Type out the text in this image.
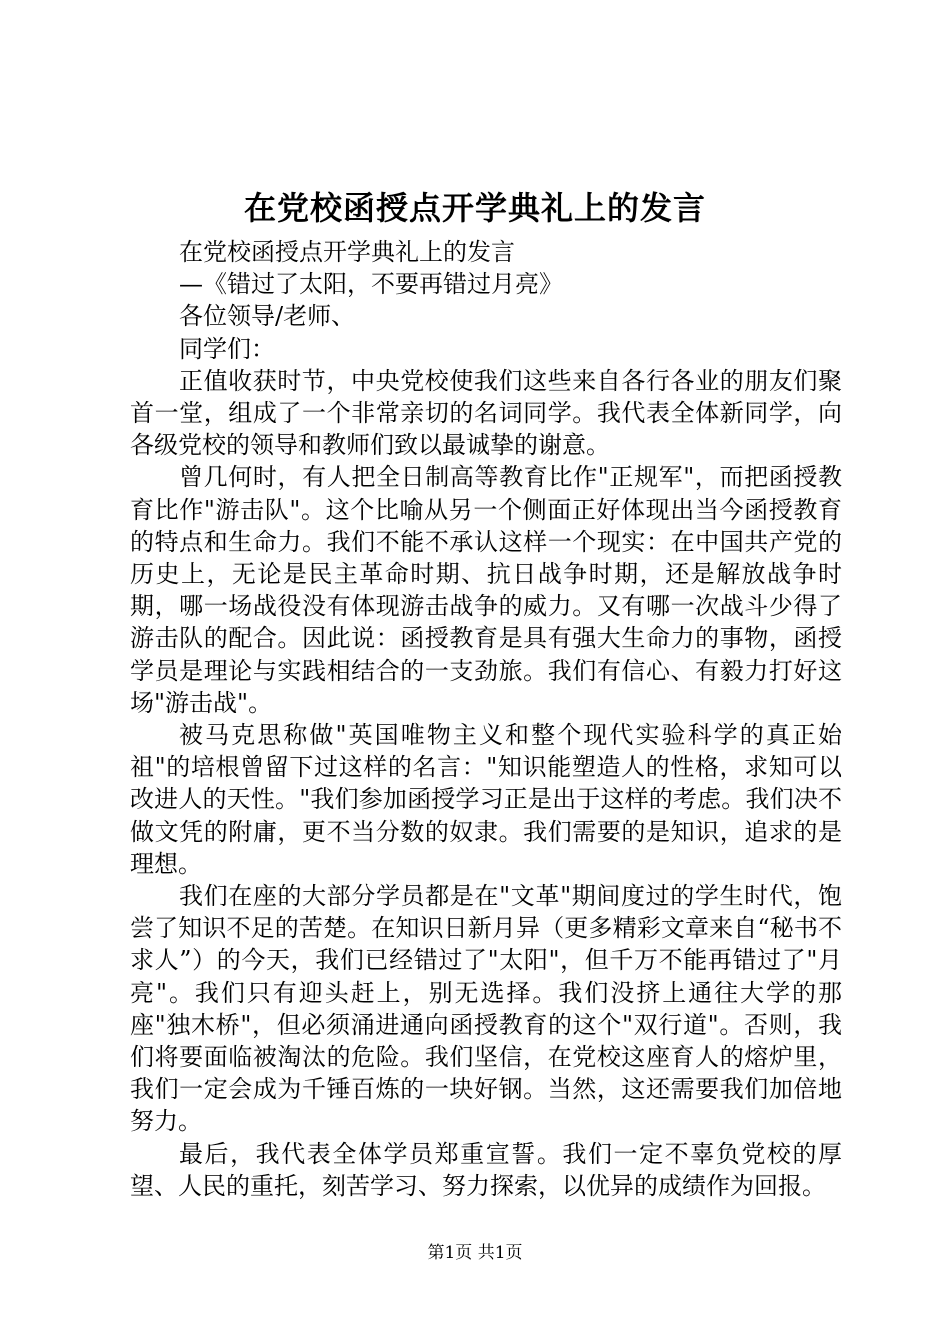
在党校函授点开学典礼上的发言

在党校函授点开学典礼上的发言

—《错过了太阳，不要再错过月亮》

各位领导/老师、

同学们：

正值收获时节，中央党校使我们这些来自各行各业的朋友们聚首一堂，组成了一个非常亲切的名词同学。我代表全体新同学，向各级党校的领导和教师们致以最诚挚的谢意。

曾几何时，有人把全日制高等教育比作"正规军"，而把函授教育比作"游击队"。这个比喻从另一个侧面正好体现出当今函授教育的特点和生命力。我们不能不承认这样一个现实：在中国共产党的历史上，无论是民主革命时期、抗日战争时期，还是解放战争时期，哪一场战役没有体现游击战争的威力。又有哪一次战斗少得了游击队的配合。因此说：函授教育是具有强大生命力的事物，函授学员是理论与实践相结合的一支劲旅。我们有信心、有毅力打好这场"游击战"。

被马克思称做"英国唯物主义和整个现代实验科学的真正始祖"的培根曾留下过这样的名言："知识能塑造人的性格，求知可以改进人的天性。"我们参加函授学习正是出于这样的考虑。我们决不做文凭的附庸，更不当分数的奴隶。我们需要的是知识，追求的是理想。

我们在座的大部分学员都是在"文革"期间度过的学生时代，饱尝了知识不足的苦楚。在知识日新月异（更多精彩文章来自“秘书不求人”）的今天，我们已经错过了"太阳"，但千万不能再错过了"月亮"。我们只有迎头赶上，别无选择。我们没挤上通往大学的那座"独木桥"，但必须涌进通向函授教育的这个"双行道"。否则，我们将要面临被淘汰的危险。我们坚信，在党校这座育人的熔炉里，我们一定会成为千锤百炼的一块好钢。当然，这还需要我们加倍地努力。

最后，我代表全体学员郑重宣誓。我们一定不辜负党校的厚望、人民的重托，刻苦学习、努力探索，以优异的成绩作为回报。

第1页 共1页
